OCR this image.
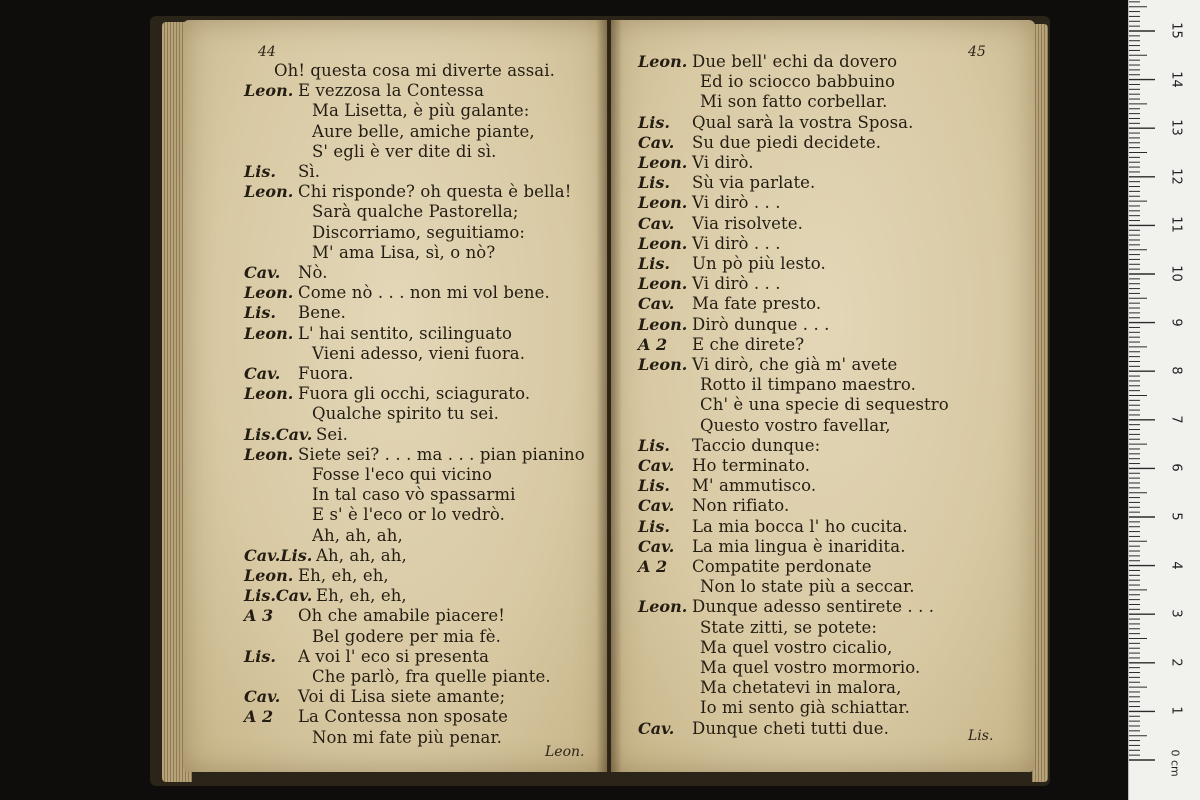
44	45
Oh! questa cosa mi diverte assai.
Leon. E vezzosa la Contessa
Ma Lisetta, è più galante:
Aure belle, amiche piante,
S' egli è ver dite di sì.
Lis. Sì.
Leon. Chi risponde? oh questa è bella!
Sarà qualche Pastorella;
Discorriamo, seguitiamo:
M' ama Lisa, sì, o nò?
Cav. Nò.
Leon. Come nò . . . non mi vol bene.
Lis. Bene.
Leon. L' hai sentito, scilinguato
Vieni adesso, vieni fuora.
Cav. Fuora.
Leon. Fuora gli occhi, sciagurato.
Qualche spirito tu sei.
Lis.Cav. Sei.
Leon. Siete sei? . . . ma . . . pian pianino
Fosse l'eco qui vicino
In tal caso vò spassarmi
E s' è l'eco or lo vedrò.
Ah, ah, ah,
Cav.Lis. Ah, ah, ah,
Leon. Eh, eh, eh,
Lis.Cav. Eh, eh, eh,
A 3 Oh che amabile piacere!
Bel godere per mia fè.
Lis. A voi l' eco si presenta
Che parlò, fra quelle piante.
Cav. Voi di Lisa siete amante;
A 2 La Contessa non sposate
Non mi fate più penar.
Leon. Due bell' echi da dovero
Ed io sciocco babbuino
Mi son fatto corbellar.
Lis. Qual sarà la vostra Sposa.
Cav. Su due piedi decidete.
Leon. Vi dirò.
Lis. Sù via parlate.
Leon. Vi dirò . . .
Cav. Via risolvete.
Leon. Vi dirò . . .
Lis. Un pò più lesto.
Leon. Vi dirò . . .
Cav. Ma fate presto.
Leon. Dirò dunque . . .
A 2 E che direte?
Leon. Vi dirò, che già m' avete
Rotto il timpano maestro.
Ch' è una specie di sequestro
Questo vostro favellar,
Lis. Taccio dunque:
Cav. Ho terminato.
Lis. M' ammutisco.
Cav. Non rifiato.
Lis. La mia bocca l' ho cucita.
Cav. La mia lingua è inaridita.
A 2 Compatite perdonate
Non lo state più a seccar.
Leon. Dunque adesso sentirete . . .
State zitti, se potete:
Ma quel vostro cicalio,
Ma quel vostro mormorio.
Ma chetatevi in malora,
Io mi sento già schiattar.
Cav. Dunque cheti tutti due.
Leon.
Lis.
15
14
13
12
11
10
9
8
7
6
5
4
3
2
1
0 cm
